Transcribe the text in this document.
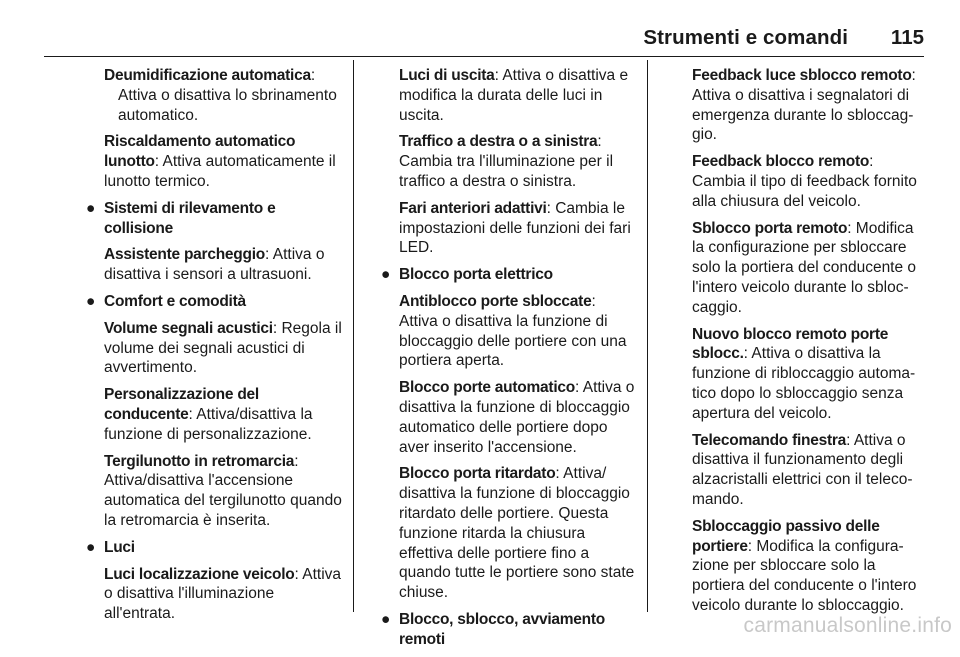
Strumenti e comandi 115

Deumidificazione automatica: Attiva o disattiva lo sbrinamento automatico.

Riscaldamento automatico lunotto: Attiva automaticamente il lunotto termico.

● Sistemi di rilevamento e collisione

Assistente parcheggio: Attiva o disattiva i sensori a ultrasuoni.

● Comfort e comodità

Volume segnali acustici: Regola il volume dei segnali acustici di avvertimento.

Personalizzazione del conducente: Attiva/disattiva la funzione di personalizzazione.

Tergilunotto in retromarcia: Attiva/disattiva l'accensione automatica del tergilunotto quando la retromarcia è inserita.

● Luci

Luci localizzazione veicolo: Attiva o disattiva l'illuminazione all'entrata.

Luci di uscita: Attiva o disattiva e modifica la durata delle luci in uscita.

Traffico a destra o a sinistra: Cambia tra l'illuminazione per il traffico a destra o sinistra.

Fari anteriori adattivi: Cambia le impostazioni delle funzioni dei fari LED.

● Blocco porta elettrico

Antiblocco porte sbloccate: Attiva o disattiva la funzione di bloccaggio delle portiere con una portiera aperta.

Blocco porte automatico: Attiva o disattiva la funzione di bloccaggio automatico delle portiere dopo aver inserito l'accensione.

Blocco porta ritardato: Attiva/ disattiva la funzione di bloccaggio ritardato delle portiere. Questa funzione ritarda la chiusura effettiva delle portiere fino a quando tutte le portiere sono state chiuse.

● Blocco, sblocco, avviamento remoti

Feedback luce sblocco remoto: Attiva o disattiva i segnalatori di emergenza durante lo sbloccaggio.

Feedback blocco remoto: Cambia il tipo di feedback fornito alla chiusura del veicolo.

Sblocco porta remoto: Modifica la configurazione per sbloccare solo la portiera del conducente o l'intero veicolo durante lo sbloccaggio.

Nuovo blocco remoto porte sblocc.: Attiva o disattiva la funzione di ribloccaggio automatico dopo lo sbloccaggio senza apertura del veicolo.

Telecomando finestra: Attiva o disattiva il funzionamento degli alzacristalli elettrici con il telecomando.

Sbloccaggio passivo delle portiere: Modifica la configurazione per sbloccare solo la portiera del conducente o l'intero veicolo durante lo sbloccaggio.

carmanualsonline.info
